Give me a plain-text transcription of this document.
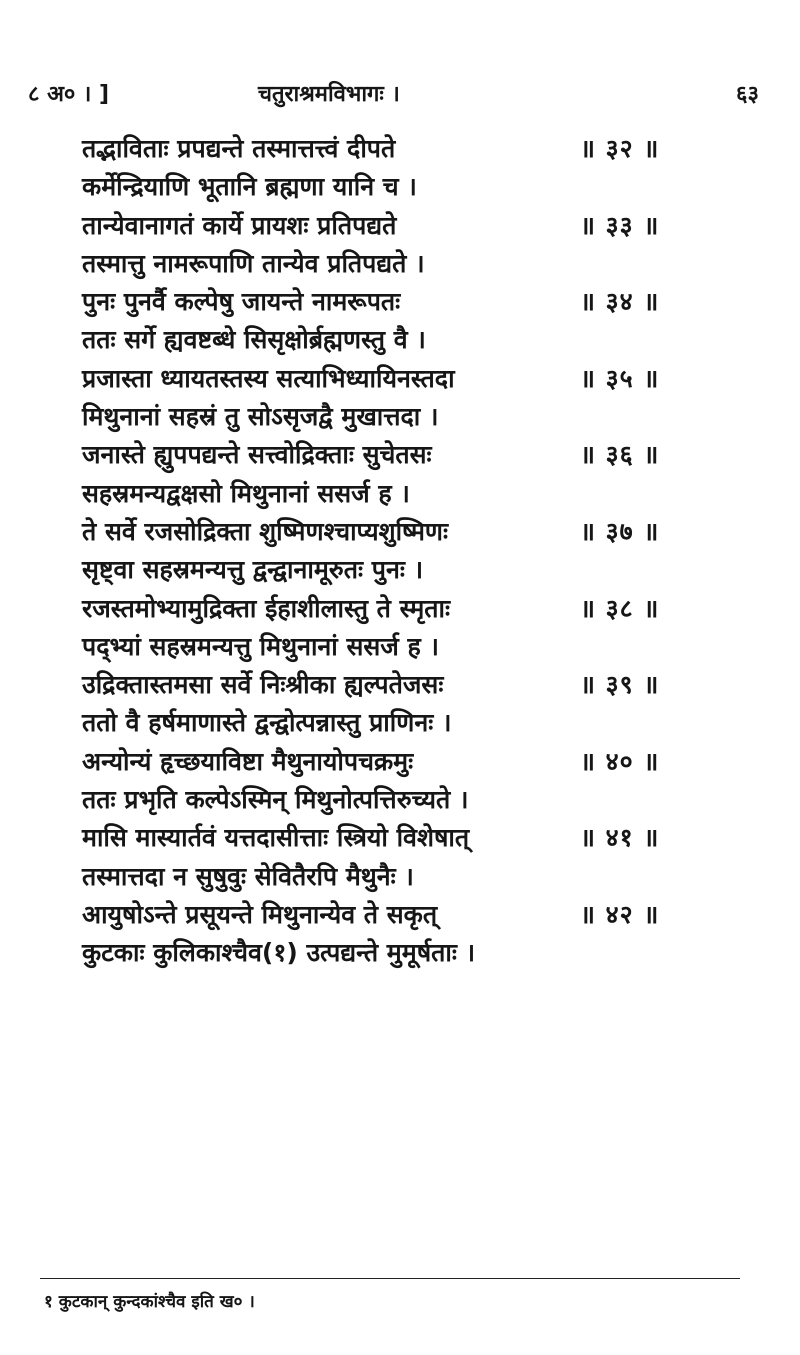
८ अ० । ]	चतुराश्रमविभागः ।	६३
तद्भाविताः प्रपद्यन्ते तस्मात्तत्त्वं दीपते	॥ ३२ ॥
कर्मेन्द्रियाणि भूतानि ब्रह्मणा यानि च ।
तान्येवानागतं कार्ये प्रायशः प्रतिपद्यते	॥ ३३ ॥
तस्मात्तु नामरूपाणि तान्येव प्रतिपद्यते ।
पुनः पुनर्वै कल्पेषु जायन्ते नामरूपतः	॥ ३४ ॥
ततः सर्गे ह्यवष्टब्धे सिसृक्षोर्ब्रह्मणस्तु वै ।
प्रजास्ता ध्यायतस्तस्य सत्याभिध्यायिनस्तदा	॥ ३५ ॥
मिथुनानां सहस्रं तु सोऽसृजद्वै मुखात्तदा ।
जनास्ते ह्युपपद्यन्ते सत्त्वोद्रिक्ताः सुचेतसः	॥ ३६ ॥
सहस्रमन्यद्वक्षसो मिथुनानां ससर्ज ह ।
ते सर्वे रजसोद्रिक्ता शुष्मिणश्चाप्यशुष्मिणः	॥ ३७ ॥
सृष्ट्वा सहस्रमन्यत्तु द्वन्द्वानामूरुतः पुनः ।
रजस्तमोभ्यामुद्रिक्ता ईहाशीलास्तु ते स्मृताः	॥ ३८ ॥
पद्भ्यां सहस्रमन्यत्तु मिथुनानां ससर्ज ह ।
उद्रिक्तास्तमसा सर्वे निःश्रीका ह्यल्पतेजसः	॥ ३९ ॥
ततो वै हर्षमाणास्ते द्वन्द्वोत्पन्नास्तु प्राणिनः ।
अन्योन्यं हृच्छयाविष्टा मैथुनायोपचक्रमुः	॥ ४० ॥
ततः प्रभृति कल्पेऽस्मिन् मिथुनोत्पत्तिरुच्यते ।
मासि मास्यार्तवं यत्तदासीत्ताः स्त्रियो विशेषात्	॥ ४१ ॥
तस्मात्तदा न सुषुवुः सेवितैरपि मैथुनैः ।
आयुषोऽन्ते प्रसूयन्ते मिथुनान्येव ते सकृत्	॥ ४२ ॥
कुटकाः कुलिकाश्चैव(१) उत्पद्यन्ते मुमूर्षताः ।
१ कुटकान् कुन्दकांश्चैव इति ख० ।
